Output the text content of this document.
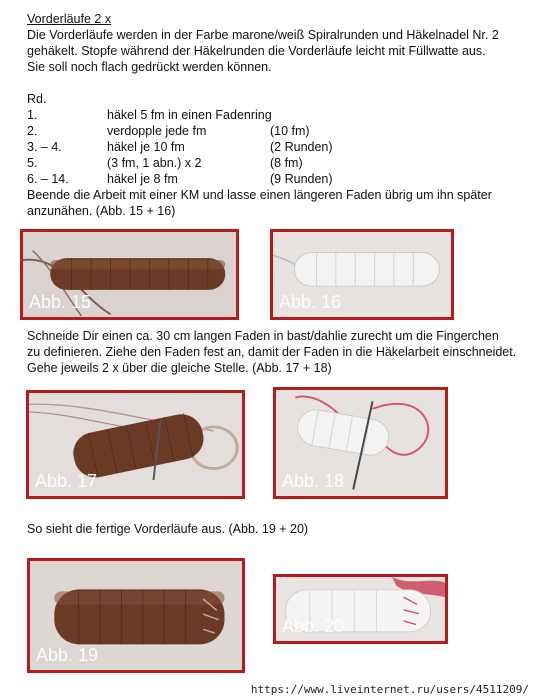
Vorderläufe 2 x
Die Vorderläufe werden in der Farbe marone/weiß Spiralrunden und Häkelnadel Nr. 2
gehäkelt. Stopfe während der Häkelrunden die Vorderläufe leicht mit Füllwatte aus.
Sie soll noch flach gedrückt werden können.
Rd.
1.	häkel 5 fm in einen Fadenring
2.	verdopple jede fm	(10 fm)
3. – 4.	häkel je 10 fm	(2 Runden)
5.	(3 fm, 1 abn.) x 2	(8 fm)
6. – 14.	häkel je 8 fm	(9 Runden)
Beende die Arbeit mit einer KM und lasse einen längeren Faden übrig um ihn später
anzunähen. (Abb. 15 + 16)
Abb. 15	Abb. 16
Schneide Dir einen ca. 30 cm langen Faden in bast/dahlie zurecht um die Fingerchen
zu definieren. Ziehe den Faden fest an, damit der Faden in die Häkelarbeit einschneidet.
Gehe jeweils 2 x über die gleiche Stelle. (Abb. 17 + 18)
Abb. 17	Abb. 18
So sieht die fertige Vorderläufe aus. (Abb. 19 + 20)
Abb. 19
Abb. 20
https://www.liveinternet.ru/users/4511209/
